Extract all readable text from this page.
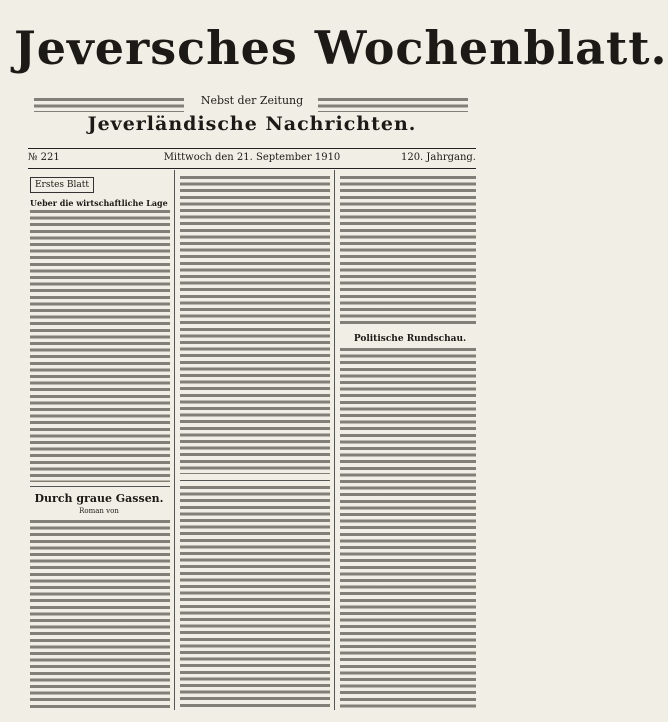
Jeversches Wochenblatt.
Nebst der Zeitung
Jeverländische Nachrichten.
№ 221	Mittwoch den 21. September 1910	120. Jahrgang.
Erstes Blatt
Ueber die wirtschaftliche Lage
Durch graue Gassen.
Roman von
Politische Rundschau.
